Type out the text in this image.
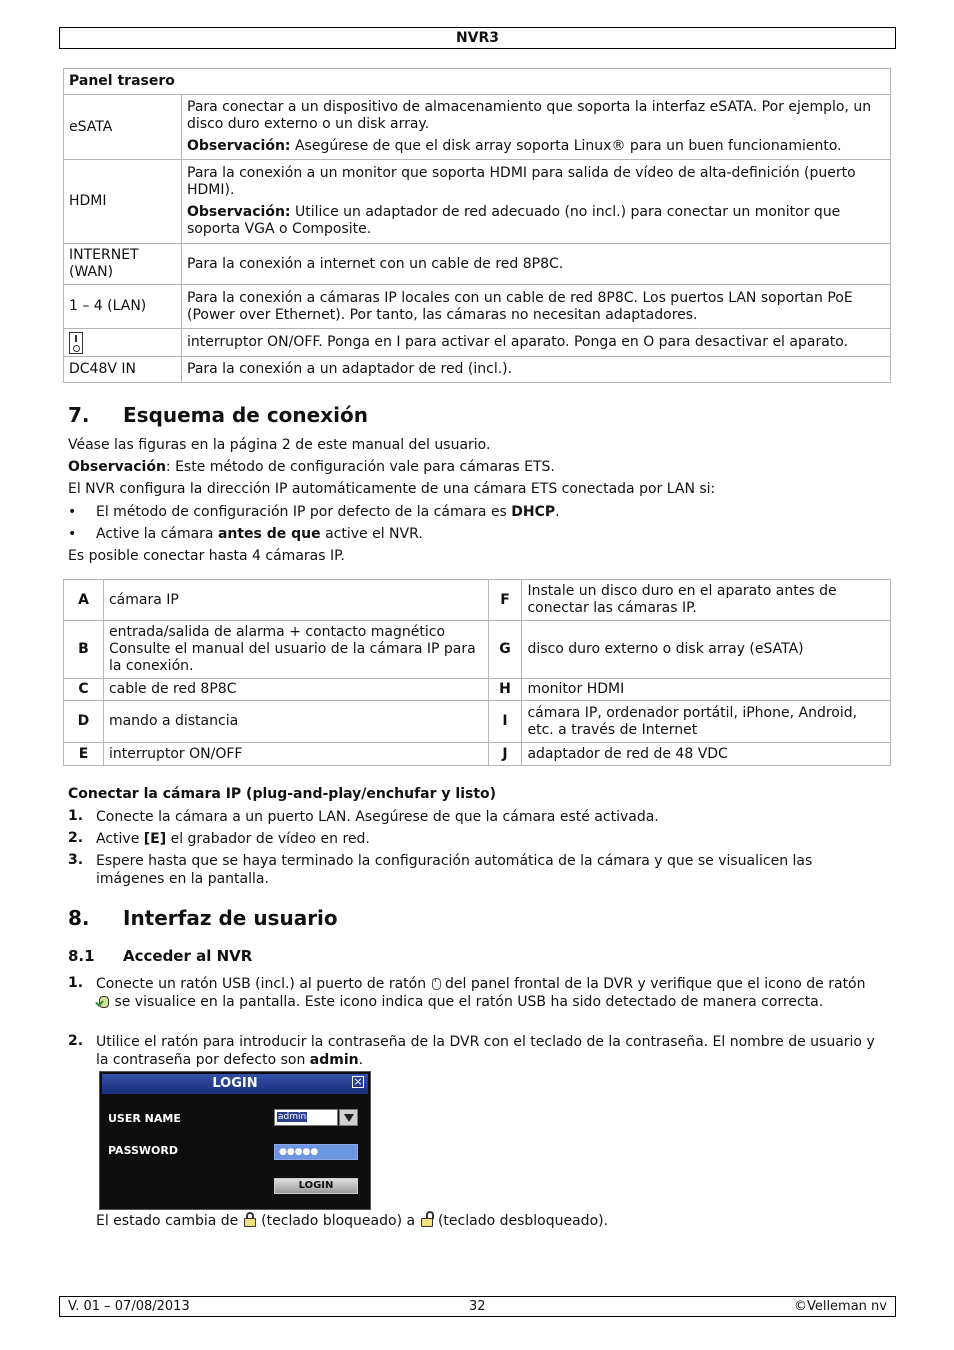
NVR3
Panel trasero	
eSATA	Para conectar a un dispositivo de almacenamiento que soporta la interfaz eSATA. Por ejemplo, un disco duro externo o un disk array.

Observación: Asegúrese de que el disk array soporta Linux® para un buen funcionamiento.

HDMI	Para la conexión a un monitor que soporta HDMI para salida de vídeo de alta-definición (puerto HDMI).

Observación: Utilice un adaptador de red adecuado (no incl.) para conectar un monitor que soporta VGA o Composite.

INTERNET (WAN)	Para la conexión a internet con un cable de red 8P8C.
1 – 4 (LAN)	Para la conexión a cámaras IP locales con un cable de red 8P8C. Los puertos LAN soportan PoE (Power over Ethernet). Por tanto, las cámaras no necesitan adaptadores.

	interruptor ON/OFF. Ponga en I para activar el aparato. Ponga en O para desactivar el aparato.
DC48V IN	Para la conexión a un adaptador de red (incl.).
7. Esquema de conexión
Véase las figuras en la página 2 de este manual del usuario.
Observación: Este método de configuración vale para cámaras ETS.
El NVR configura la dirección IP automáticamente de una cámara ETS conectada por LAN si:
• El método de configuración IP por defecto de la cámara es DHCP.
• Active la cámara antes de que active el NVR.
Es posible conectar hasta 4 cámaras IP.
A	cámara IP	F	Instale un disco duro en el aparato antes de conectar las cámaras IP.
B	entrada/salida de alarma + contacto magnético Consulte el manual del usuario de la cámara IP para la conexión.	G	disco duro externo o disk array (eSATA)
C	cable de red 8P8C	H	monitor HDMI
D	mando a distancia	I	cámara IP, ordenador portátil, iPhone, Android, etc. a través de Internet
E	interruptor ON/OFF	J	adaptador de red de 48 VDC
Conectar la cámara IP (plug-and-play/enchufar y listo)
1. Conecte la cámara a un puerto LAN. Asegúrese de que la cámara esté activada.
2. Active [E] el grabador de vídeo en red.
3. Espere hasta que se haya terminado la configuración automática de la cámara y que se visualicen las imágenes en la pantalla.
8. Interfaz de usuario
8.1 Acceder al NVR
1. Conecte un ratón USB (incl.) al puerto de ratón  del panel frontal de la DVR y verifique que el icono de ratón  se visualice en la pantalla. Este icono indica que el ratón USB ha sido detectado de manera correcta.
2. Utilice el ratón para introducir la contraseña de la DVR con el teclado de la contraseña. El nombre de usuario y la contraseña por defecto son admin.
LOGIN	×
USER NAME	admin
PASSWORD	●●●●●
LOGIN
El estado cambia de
(teclado bloqueado) a
(teclado desbloqueado).
V. 01 – 07/08/2013	32	©Velleman nv
